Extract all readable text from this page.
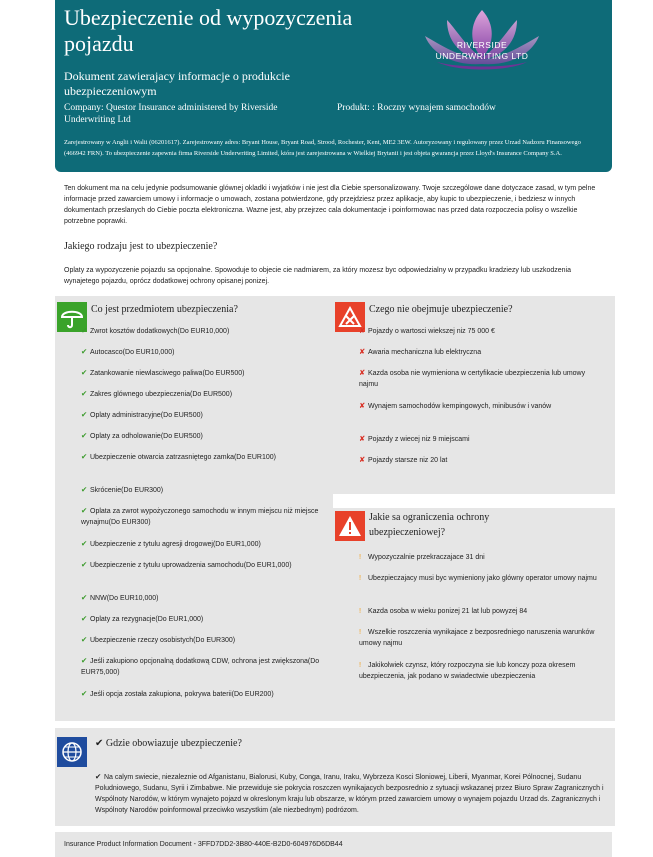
Ubezpieczenie od wypozyczenia pojazdu
Dokument zawierajacy informacje o produkcie ubezpieczeniowym
Company: Questor Insurance administered by Riverside Underwriting Ltd
Produkt: : Roczny wynajem samochodów
Zarejestrowany w Anglii i Walii (06201617). Zarejestrowany adres: Bryant House, Bryant Road, Strood, Rochester, Kent, ME2 3EW. Autoryzowany i regulowany przez Urzad Nadzoru Finansowego (466942 FRN). To ubezpieczenie zapewnia firma Riverside Underwriting Limited, która jest zarejestrowana w Wielkiej Brytanii i jest objeta gwarancja przez Lloyd's Insurance Company S.A.
RIVERSIDE
UNDERWRITING LTD
Ten dokument ma na celu jedynie podsumowanie glównej okladki i wyjatków i nie jest dla Ciebie spersonalizowany. Twoje szczególowe dane dotyczace zasad, w tym pelne informacje przed zawarciem umowy i informacje o umowach, zostana potwierdzone, gdy przejdziesz przez aplikacje, aby kupic to ubezpieczenie, i bedziesz w innych dokumentach przeslanych do Ciebie poczta elektroniczna. Wazne jest, aby przejrzec cala dokumentacje i poinformowac nas przed data rozpoczecia polisy o wszelkie potrzebne poprawki.
Jakiego rodzaju jest to ubezpieczenie?
Oplaty za wypozyczenie pojazdu sa opcjonalne. Spowoduje to objecie cie nadmiarem, za który mozesz byc odpowiedzialny w przypadku kradziezy lub uszkodzenia wynajetego pojazdu, oprócz dodatkowej ochrony opisanej ponizej.
Co jest przedmiotem ubezpieczenia?
✔ Zwrot kosztów dodatkowych(Do EUR10,000)
✔ Autocasco(Do EUR10,000)
✔ Zatankowanie niewlasciwego paliwa(Do EUR500)
✔ Zakres glównego ubezpieczenia(Do EUR500)
✔ Oplaty administracyjne(Do EUR500)
✔ Oplaty za odholowanie(Do EUR500)
✔ Ubezpieczenie otwarcia zatrzasniętego zamka(Do EUR100)
✔ Skrócenie(Do EUR300)
✔ Oplata za zwrot wypożyczonego samochodu w innym miejscu niż miejsce wynajmu(Do EUR300)
✔ Ubezpieczenie z tytulu agresji drogowej(Do EUR1,000)
✔ Ubezpieczenie z tytulu uprowadzenia samochodu(Do EUR1,000)
✔ NNW(Do EUR10,000)
✔ Oplaty za rezygnacje(Do EUR1,000)
✔ Ubezpieczenie rzeczy osobistych(Do EUR300)
✔ Jeśli zakupiono opcjonalną dodatkową CDW, ochrona jest zwiększona(Do EUR75,000)
✔ Jeśli opcja została zakupiona, pokrywa baterii(Do EUR200)
Czego nie obejmuje ubezpieczenie?
✘ Pojazdy o wartosci wiekszej niz 75 000 €
✘ Awaria mechaniczna lub elektryczna
✘ Kazda osoba nie wymieniona w certyfikacie ubezpieczenia lub umowy najmu
✘ Wynajem samochodów kempingowych, minibusów i vanów
✘ Pojazdy z wiecej niz 9 miejscami
✘ Pojazdy starsze niz 20 lat
Jakie sa ograniczenia ochrony ubezpieczeniowej?
! Wypozyczalnie przekraczajace 31 dni
! Ubezpieczajacy musi byc wymieniony jako glówny operator umowy najmu
! Kazda osoba w wieku ponizej 21 lat lub powyzej 84
! Wszelkie roszczenia wynikajace z bezposredniego naruszenia warunków umowy najmu
! Jakikolwiek czynsz, który rozpoczyna sie lub konczy poza okresem ubezpieczenia, jak podano w swiadectwie ubezpieczenia
✔ Gdzie obowiazuje ubezpieczenie?
✔ Na calym swiecie, niezaleznie od Afganistanu, Bialorusi, Kuby, Conga, Iranu, Iraku, Wybrzeza Kosci Sloniowej, Liberii, Myanmar, Korei Pólnocnej, Sudanu Poludniowego, Sudanu, Syrii i Zimbabwe. Nie przewiduje sie pokrycia roszczen wynikajacych bezposrednio z sytuacji wskazanej przez Biuro Spraw Zagranicznych i Wspólnoty Narodów, w którym wynajeto pojazd w okreslonym kraju lub obszarze, w którym przed zawarciem umowy o wynajem pojazdu Urzad ds. Zagranicznych i Wspólnoty Narodów poinformowal przeciwko wszystkim (ale niezbednym) podrózom.
Insurance Product Information Document - 3FFD7DD2-3B80-440E-B2D0-604976D6DB44
